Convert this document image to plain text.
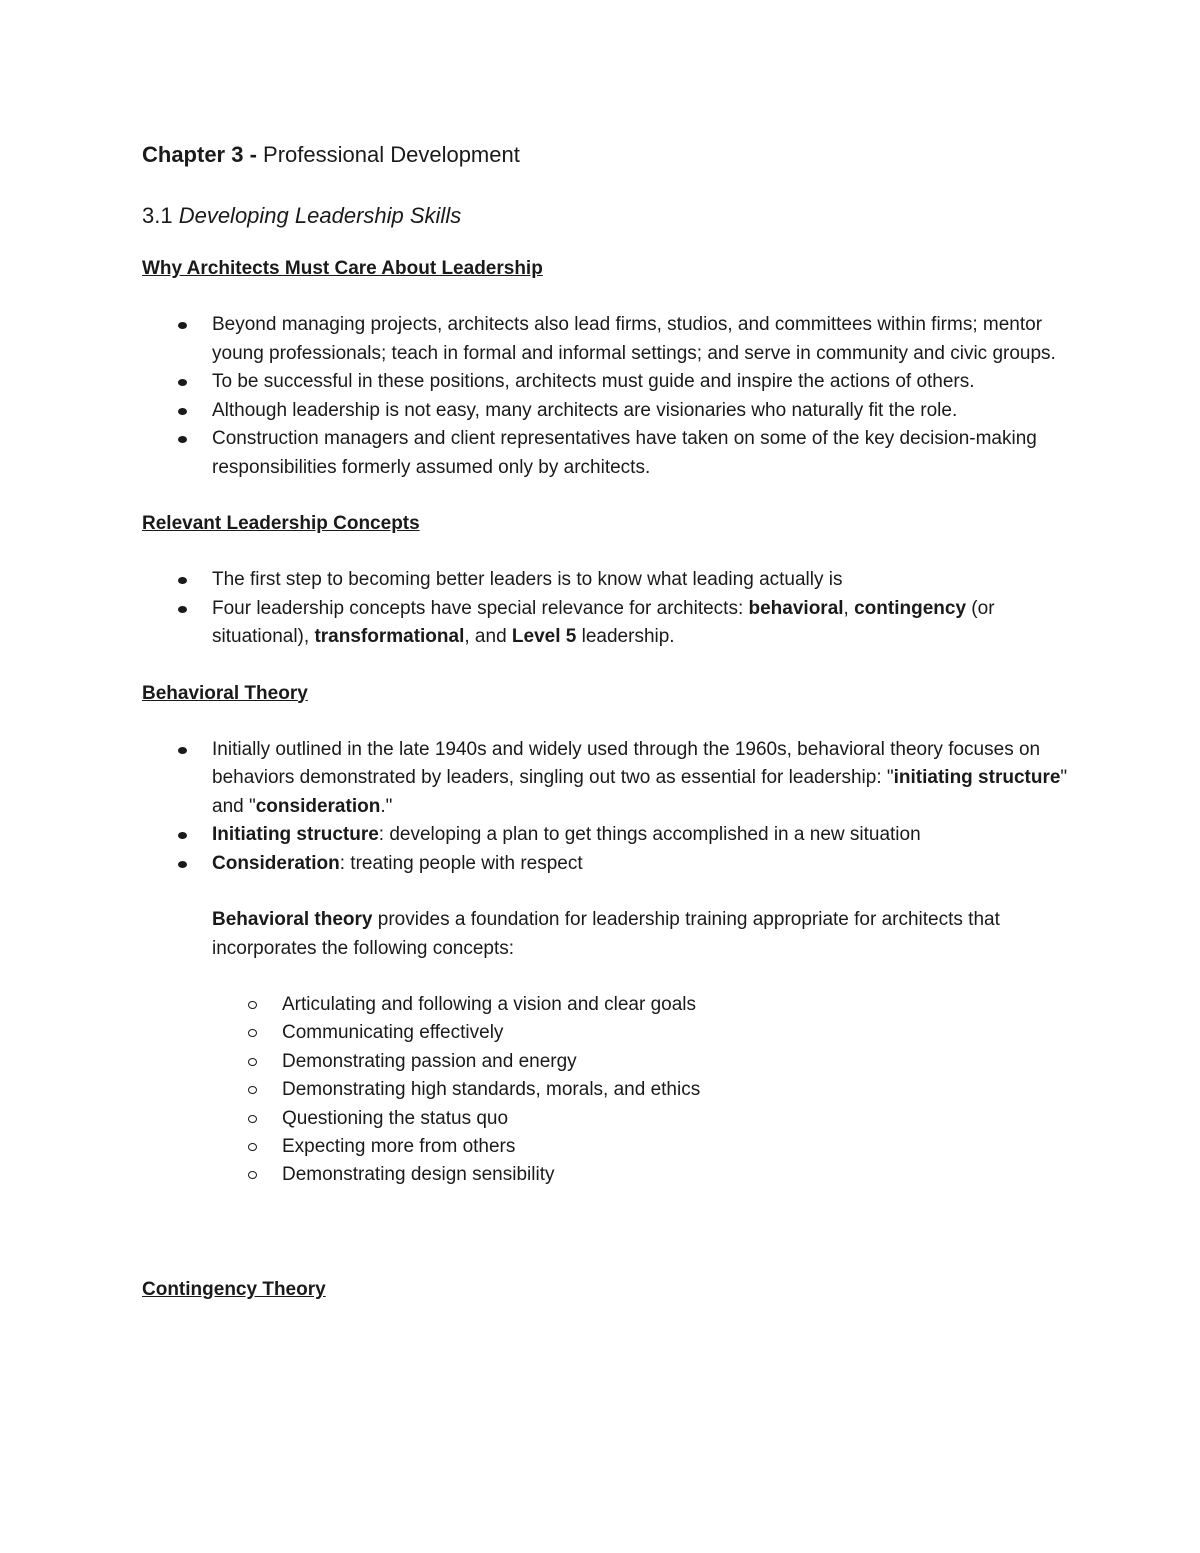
Chapter 3 - Professional Development

3.1 Developing Leadership Skills

Why Architects Must Care About Leadership

Beyond managing projects, architects also lead firms, studios, and committees within firms; mentor young professionals; teach in formal and informal settings; and serve in community and civic groups.
To be successful in these positions, architects must guide and inspire the actions of others.
Although leadership is not easy, many architects are visionaries who naturally fit the role.
Construction managers and client representatives have taken on some of the key decision-making responsibilities formerly assumed only by architects.

Relevant Leadership Concepts

The first step to becoming better leaders is to know what leading actually is
Four leadership concepts have special relevance for architects: behavioral, contingency (or situational), transformational, and Level 5 leadership.

Behavioral Theory

Initially outlined in the late 1940s and widely used through the 1960s, behavioral theory focuses on behaviors demonstrated by leaders, singling out two as essential for leadership: "initiating structure" and "consideration."
Initiating structure: developing a plan to get things accomplished in a new situation
Consideration: treating people with respect

Behavioral theory provides a foundation for leadership training appropriate for architects that incorporates the following concepts:

Articulating and following a vision and clear goals
Communicating effectively
Demonstrating passion and energy
Demonstrating high standards, morals, and ethics
Questioning the status quo
Expecting more from others
Demonstrating design sensibility

Contingency Theory
